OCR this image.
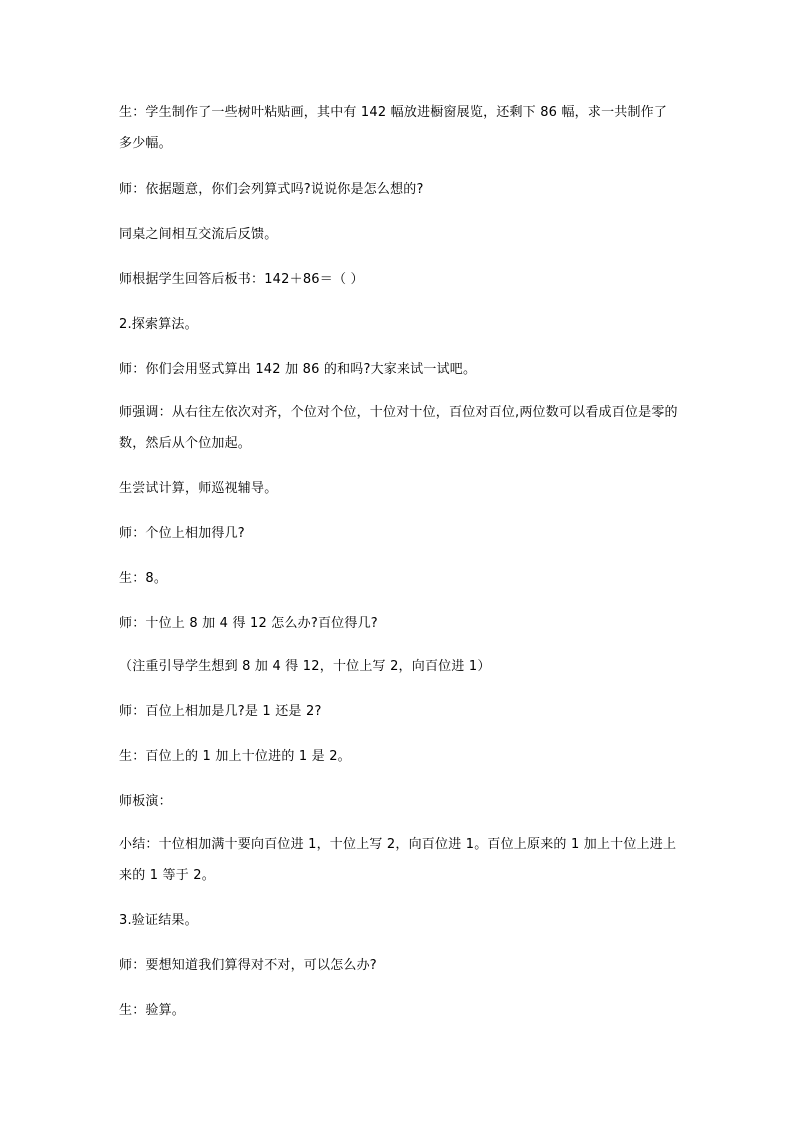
生：学生制作了一些树叶粘贴画，其中有 142 幅放进橱窗展览，还剩下 86 幅，求一共制作了多少幅。
师：依据题意，你们会列算式吗?说说你是怎么想的?
同桌之间相互交流后反馈。
师根据学生回答后板书：142＋86＝（ ）
2.探索算法。
师：你们会用竖式算出 142 加 86 的和吗?大家来试一试吧。
师强调：从右往左依次对齐，个位对个位，十位对十位，百位对百位,两位数可以看成百位是零的数，然后从个位加起。
生尝试计算，师巡视辅导。
师：个位上相加得几?
生：8。
师：十位上 8 加 4 得 12 怎么办?百位得几?
（注重引导学生想到 8 加 4 得 12，十位上写 2，向百位进 1）
师：百位上相加是几?是 1 还是 2?
生：百位上的 1 加上十位进的 1 是 2。
师板演：
小结：十位相加满十要向百位进 1，十位上写 2，向百位进 1。百位上原来的 1 加上十位上进上来的 1 等于 2。
3.验证结果。
师：要想知道我们算得对不对，可以怎么办?
生：验算。
